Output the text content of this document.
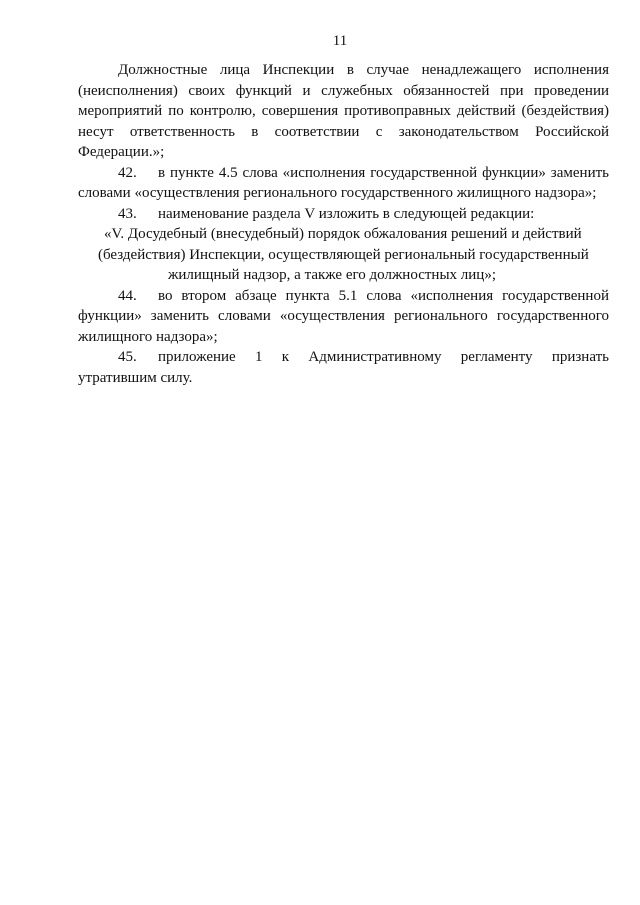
11

Должностные лица Инспекции в случае ненадлежащего исполнения (неисполнения) своих функций и служебных обязанностей при проведении мероприятий по контролю, совершения противоправных действий (бездействия) несут ответственность в соответствии с законодательством Российской Федерации.»;

42. в пункте 4.5 слова «исполнения государственной функции» заменить словами «осуществления регионального государственного жилищного надзора»;

43. наименование раздела V изложить в следующей редакции:

«V. Досудебный (внесудебный) порядок обжалования решений и действий

(бездействия) Инспекции, осуществляющей региональный государственный

жилищный надзор, а также его должностных лиц»;

44. во втором абзаце пункта 5.1 слова «исполнения государственной функции» заменить словами «осуществления регионального государственного жилищного надзора»;

45. приложение 1 к Административному регламенту признать

утратившим силу.
